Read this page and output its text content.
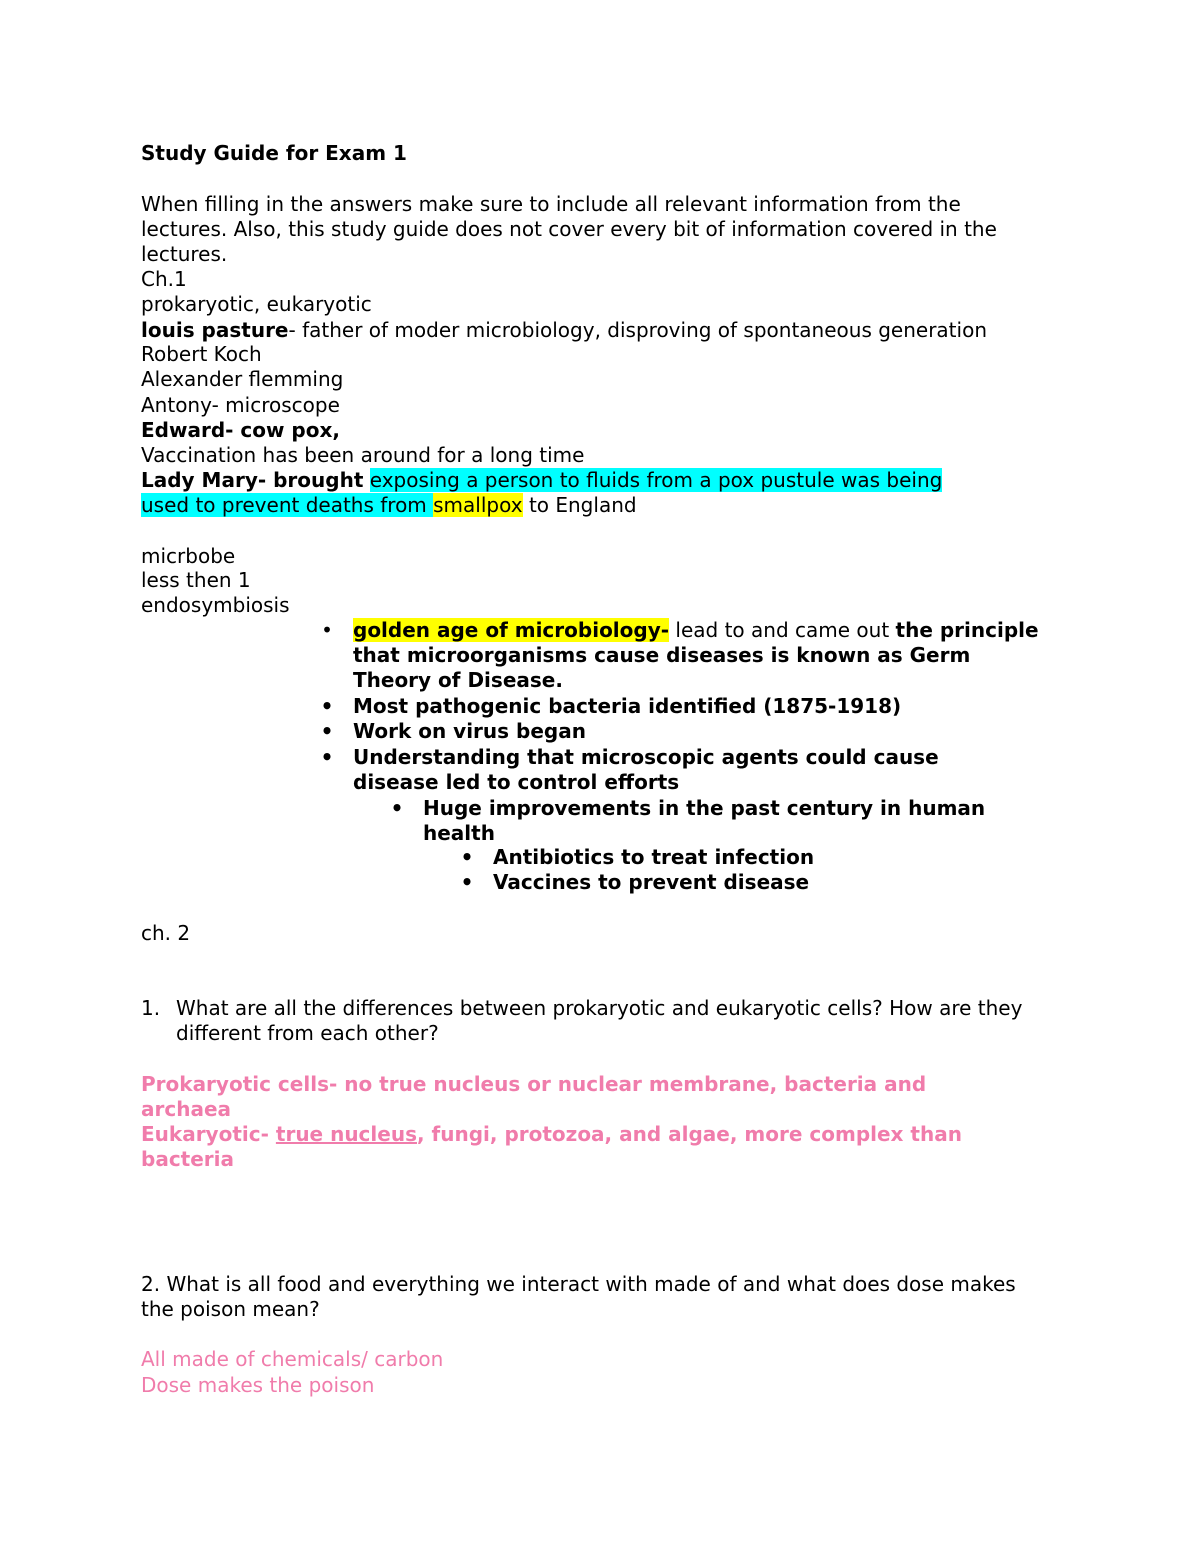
Study Guide for Exam 1

When filling in the answers make sure to include all relevant information from the lectures. Also, this study guide does not cover every bit of information covered in the lectures.

Ch.1

prokaryotic, eukaryotic

louis pasture- father of moder microbiology, disproving of spontaneous generation

Robert Koch

Alexander flemming

Antony- microscope

Edward- cow pox,

Vaccination has been around for a long time

Lady Mary- brought exposing a person to fluids from a pox pustule was being

used to prevent deaths from smallpox to England

micrbobe

less then 1

endosymbiosis

• golden age of microbiology- lead to and came out the principle that microorganisms cause diseases is known as Germ Theory of Disease.
• Most pathogenic bacteria identified (1875-1918)
• Work on virus began
• Understanding that microscopic agents could cause disease led to control efforts
• Huge improvements in the past century in human health
• Antibiotics to treat infection
• Vaccines to prevent disease

ch. 2

1. What are all the differences between prokaryotic and eukaryotic cells? How are they different from each other?

Prokaryotic cells- no true nucleus or nuclear membrane, bacteria and archaea

Eukaryotic- true nucleus, fungi, protozoa, and algae, more complex than bacteria

2. What is all food and everything we interact with made of and what does dose makes the poison mean?

All made of chemicals/ carbon

Dose makes the poison
